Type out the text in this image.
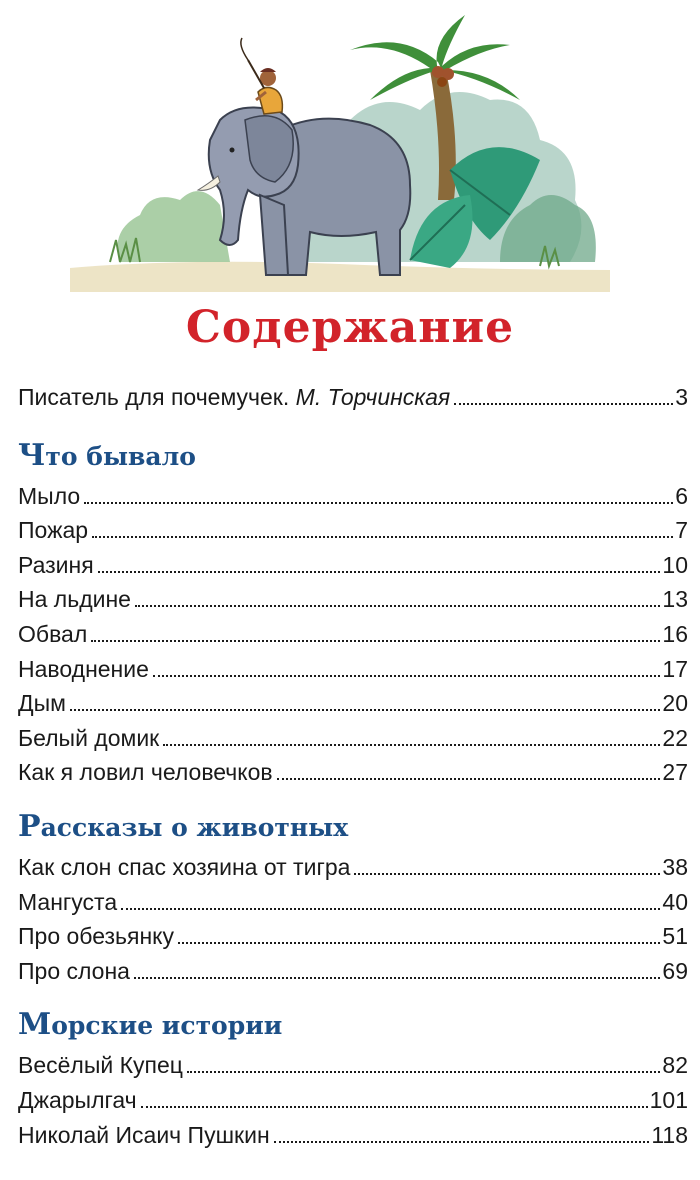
Содержание
Писатель для почемучек. М. Торчинская	3
Что бывало
Мыло	6
Пожар	7
Разиня	10
На льдине	13
Обвал	16
Наводнение	17
Дым	20
Белый домик	22
Как я ловил человечков	27
Рассказы о животных
Как слон спас хозяина от тигра	38
Мангуста	40
Про обезьянку	51
Про слона	69
Морские истории
Весёлый Купец	82
Джарылгач	101
Николай Исаич Пушкин	118
